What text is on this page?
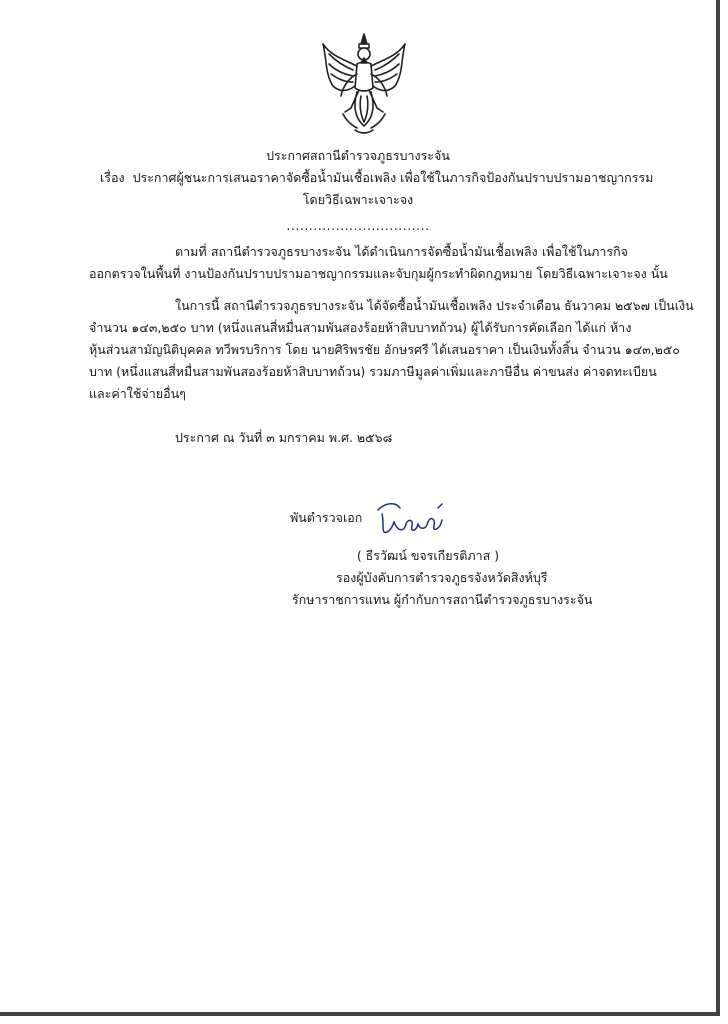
ประกาศสถานีตำรวจภูธรบางระจัน
เรื่อง ประกาศผู้ชนะการเสนอราคาจัดซื้อน้ำมันเชื้อเพลิง เพื่อใช้ในภารกิจป้องกันปราบปรามอาชญากรรม
โดยวิธีเฉพาะเจาะจง
................................
ตามที่ สถานีตำรวจภูธรบางระจัน ได้ดำเนินการจัดซื้อน้ำมันเชื้อเพลิง เพื่อใช้ในภารกิจ
ออกตรวจในพื้นที่ งานป้องกันปราบปรามอาชญากรรมและจับกุมผู้กระทำผิดกฎหมาย โดยวิธีเฉพาะเจาะจง นั้น
ในการนี้ สถานีตำรวจภูธรบางระจัน ได้จัดซื้อน้ำมันเชื้อเพลิง ประจำเดือน ธันวาคม ๒๕๖๗ เป็นเงิน
จำนวน ๑๔๓,๒๕๐ บาท (หนึ่งแสนสี่หมื่นสามพันสองร้อยห้าสิบบาทถ้วน) ผู้ได้รับการคัดเลือก ได้แก่ ห้าง
หุ้นส่วนสามัญนิติบุคคล ทวีพรบริการ โดย นายศิริพรชัย อักษรศรี ได้เสนอราคา เป็นเงินทั้งสิ้น จำนวน ๑๔๓,๒๕๐
บาท (หนึ่งแสนสี่หมื่นสามพันสองร้อยห้าสิบบาทถ้วน) รวมภาษีมูลค่าเพิ่มและภาษีอื่น ค่าขนส่ง ค่าจดทะเบียน
และค่าใช้จ่ายอื่นๆ
ประกาศ ณ วันที่ ๓ มกราคม พ.ศ. ๒๕๖๘
พันตำรวจเอก
( ธีรวัฒน์ ขจรเกียรติภาส )
รองผู้บังคับการตำรวจภูธรจังหวัดสิงห์บุรี
รักษาราชการแทน ผู้กำกับการสถานีตำรวจภูธรบางระจัน
